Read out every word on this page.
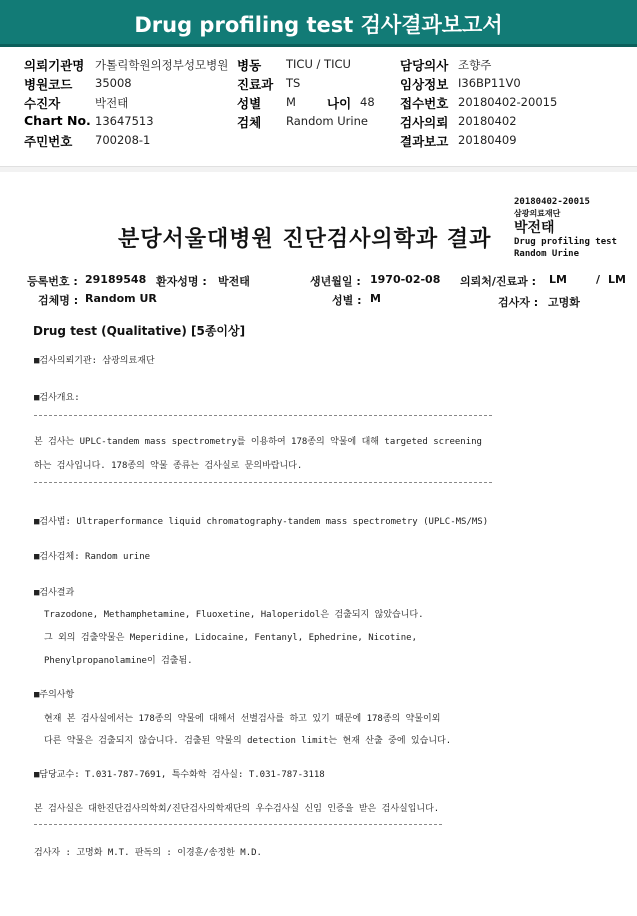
Drug profiling test 검사결과보고서
의뢰기관명 가톨릭학원의정부성모병원 병동 TICU / TICU	담당의사 조향주
병원코드 35008	진료과 TS	임상정보 I36BP11V0
수진자	박전태	성별 M 나이 48 접수번호 20180402-20015
Chart No. 13647513	검체 Random Urine	검사의뢰 20180402
주민번호 700208-1	결과보고 20180409
분당서울대병원 진단검사의학과 결과
20180402-20015
삼광의료재단
박전태
Drug profiling test
Random Urine
등록번호 : 29189548 환자성명 : 박전태	생년월일 : 1970-02-08 의뢰처/진료과 : LM	/ LM
검체명 : Random UR	성별 : M	검사자 : 고명화
Drug test (Qualitative) [5종이상]
■검사의뢰기관: 삼광의료재단
■검사개요:
본 검사는 UPLC-tandem mass spectrometry를 이용하여 178종의 약물에 대해 targeted screening
하는 검사입니다. 178종의 약물 종류는 검사실로 문의바랍니다.
■검사법: Ultraperformance liquid chromatography-tandem mass spectrometry (UPLC-MS/MS)
■검사검체: Random urine
■검사결과
Trazodone, Methamphetamine, Fluoxetine, Haloperidol은 검출되지 않았습니다.
그 외의 검출약물은 Meperidine, Lidocaine, Fentanyl, Ephedrine, Nicotine,
Phenylpropanolamine이 검출됨.
■주의사항
현재 본 검사실에서는 178종의 약물에 대해서 선별검사를 하고 있기 때문에 178종의 약물이외
다른 약물은 검출되지 않습니다. 검출된 약물의 detection limit는 현재 산출 중에 있습니다.
■담당교수: T.031-787-7691, 특수화학 검사실: T.031-787-3118
본 검사실은 대한진단검사의학회/진단검사의학재단의 우수검사실 신임 인증을 받은 검사실입니다.
검사자 : 고명화 M.T. 판독의 : 이경훈/송정한 M.D.
